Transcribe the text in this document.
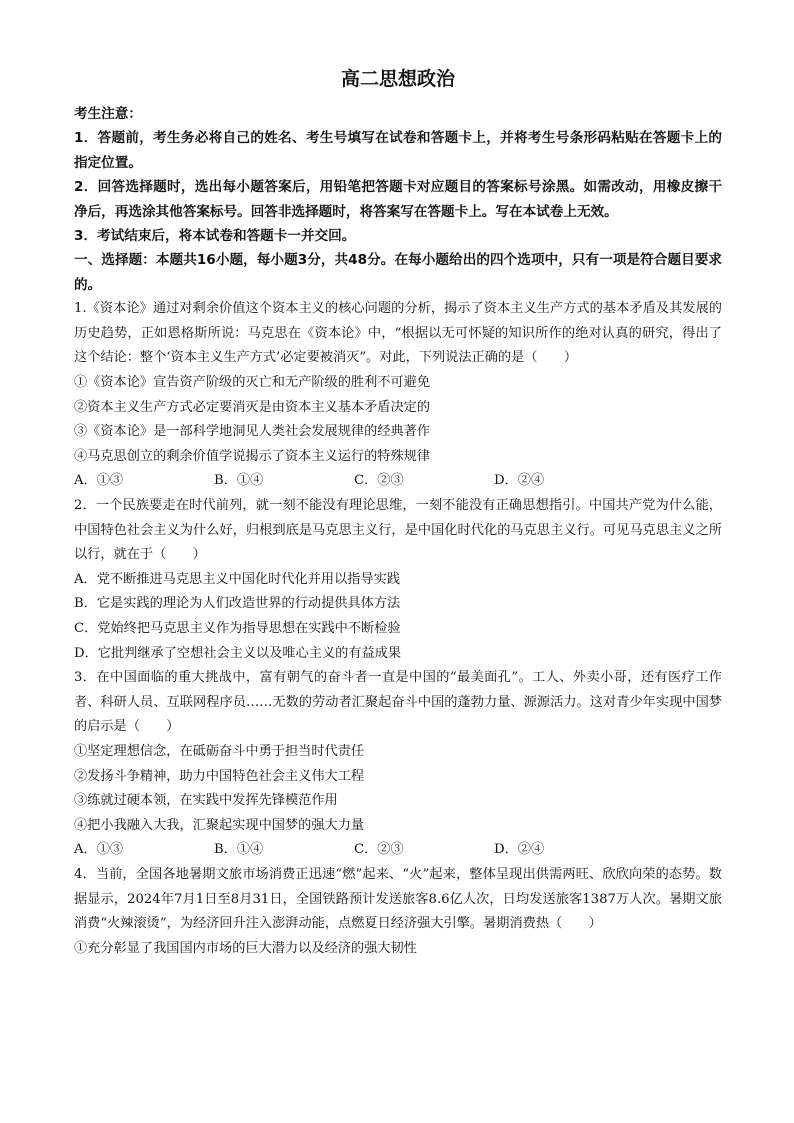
高二思想政治

考生注意：

1．答题前，考生务必将自己的姓名、考生号填写在试卷和答题卡上，并将考生号条形码粘贴在答题卡上的指定位置。

2．回答选择题时，选出每小题答案后，用铅笔把答题卡对应题目的答案标号涂黑。如需改动，用橡皮擦干净后，再选涂其他答案标号。回答非选择题时，将答案写在答题卡上。写在本试卷上无效。

3．考试结束后，将本试卷和答题卡一并交回。

一、选择题：本题共16小题，每小题3分，共48分。在每小题给出的四个选项中，只有一项是符合题目要求的。

1.《资本论》通过对剩余价值这个资本主义的核心问题的分析，揭示了资本主义生产方式的基本矛盾及其发展的历史趋势，正如恩格斯所说：马克思在《资本论》中，“根据以无可怀疑的知识所作的绝对认真的研究，得出了这个结论：整个‘资本主义生产方式’必定要被消灭”。对此，下列说法正确的是（　　）

①《资本论》宣告资产阶级的灭亡和无产阶级的胜利不可避免

②资本主义生产方式必定要消灭是由资本主义基本矛盾决定的

③《资本论》是一部科学地洞见人类社会发展规律的经典著作

④马克思创立的剩余价值学说揭示了资本主义运行的特殊规律

A．①③	B．①④	C．②③	D．②④

2．一个民族要走在时代前列，就一刻不能没有理论思维，一刻不能没有正确思想指引。中国共产党为什么能，中国特色社会主义为什么好，归根到底是马克思主义行，是中国化时代化的马克思主义行。可见马克思主义之所以行，就在于（　　）

A．党不断推进马克思主义中国化时代化并用以指导实践

B．它是实践的理论为人们改造世界的行动提供具体方法

C．党始终把马克思主义作为指导思想在实践中不断检验

D．它批判继承了空想社会主义以及唯心主义的有益成果

3．在中国面临的重大挑战中，富有朝气的奋斗者一直是中国的“最美面孔”。工人、外卖小哥，还有医疗工作者、科研人员、互联网程序员……无数的劳动者汇聚起奋斗中国的蓬勃力量、源源活力。这对青少年实现中国梦的启示是（　　）

①坚定理想信念，在砥砺奋斗中勇于担当时代责任

②发扬斗争精神，助力中国特色社会主义伟大工程

③练就过硬本领，在实践中发挥先锋模范作用

④把小我融入大我，汇聚起实现中国梦的强大力量

A．①③	B．①④	C．②③	D．②④

4．当前，全国各地暑期文旅市场消费正迅速“燃”起来、“火”起来，整体呈现出供需两旺、欣欣向荣的态势。数据显示，2024年7月1日至8月31日，全国铁路预计发送旅客8.6亿人次，日均发送旅客1387万人次。暑期文旅消费“火辣滚烫”，为经济回升注入澎湃动能，点燃夏日经济强大引擎。暑期消费热（　　）

①充分彰显了我国国内市场的巨大潜力以及经济的强大韧性
